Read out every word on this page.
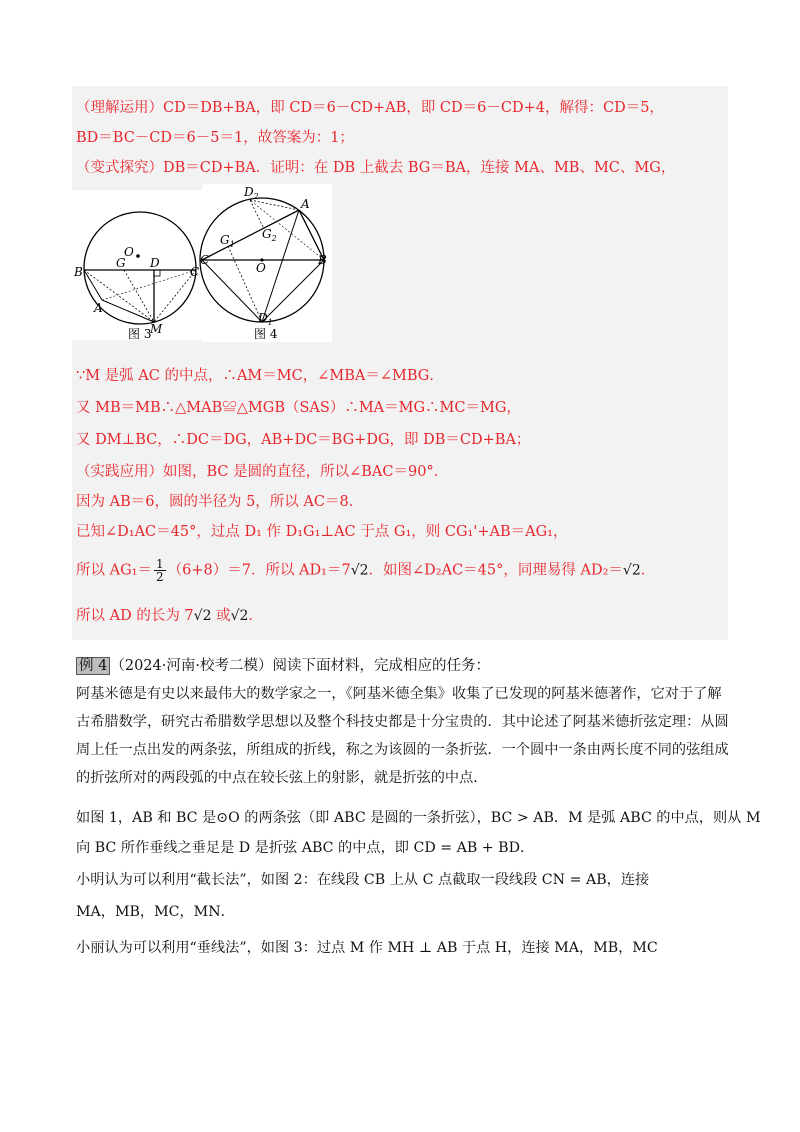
（理解运用）CD＝DB+BA，即 CD＝6－CD+AB，即 CD＝6－CD+4，解得：CD＝5，
BD＝BC－CD＝6－5＝1，故答案为：1；
（变式探究）DB＝CD+BA．证明：在 DB 上截去 BG＝BA，连接 MA、MB、MC、MG，
O
G D
B	C
A
M
图 3
$D_2$
A
$G_1$
$G_2$
C
O
B
$D_1$
图 4
∵M 是弧 AC 的中点，∴AM＝MC，∠MBA＝∠MBG．
又 MB＝MB∴△MAB≌△MGB（SAS）∴MA＝MG∴MC＝MG，
又 DM⊥BC，∴DC＝DG，AB+DC＝BG+DG，即 DB＝CD+BA；
（实践应用）如图，BC 是圆的直径，所以∠BAC＝90°．
因为 AB＝6，圆的半径为 5，所以 AC＝8．
已知∠D₁AC＝45°，过点 D₁ 作 D₁G₁⊥AC 于点 G₁，则 CG₁'+AB＝AG₁，
所以 $AG_1= \frac{1}{2} (6+8)=7$．所以 AD₁＝7√2．如图∠D₂AC＝45°，同理易得 AD₂＝√2．
所以 AD 的长为 7√2 或√2．
例 4 （2024·河南·校考二模）阅读下面材料，完成相应的任务：
阿基米德是有史以来最伟大的数学家之一，《阿基米德全集》收集了已发现的阿基米德著作，它对于了解
古希腊数学，研究古希腊数学思想以及整个科技史都是十分宝贵的．其中论述了阿基米德折弦定理：从圆
周上任一点出发的两条弦，所组成的折线，称之为该圆的一条折弦．一个圆中一条由两长度不同的弦组成
的折弦所对的两段弧的中点在较长弦上的射影，就是折弦的中点．
如图 1，AB 和 BC 是⊙O 的两条弦（即 ABC 是圆的一条折弦），BC > AB．M 是弧 ABC 的中点，则从 M
向 BC 所作垂线之垂足是 D 是折弦 ABC 的中点，即 CD = AB + BD．
小明认为可以利用“截长法”，如图 2：在线段 CB 上从 C 点截取一段线段 CN = AB，连接
MA，MB，MC，MN．
小丽认为可以利用“垂线法”，如图 3：过点 M 作 MH ⊥ AB 于点 H，连接 MA，MB，MC
